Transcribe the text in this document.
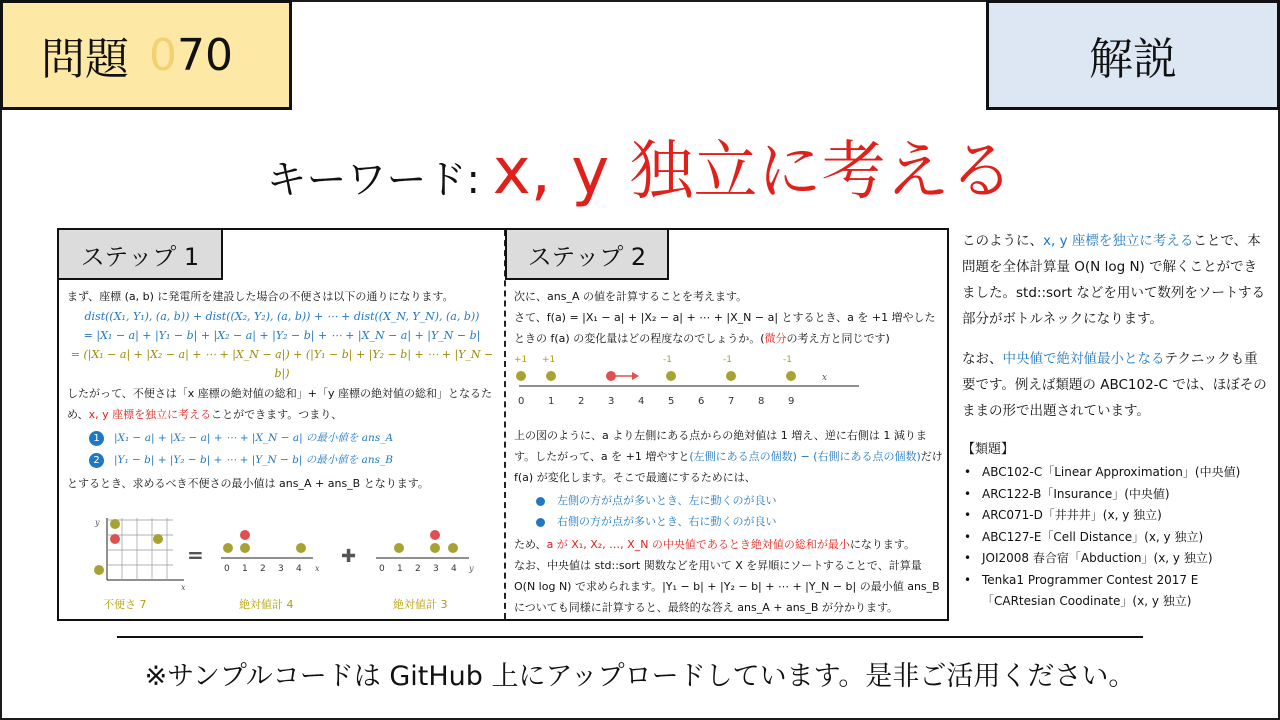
問題 0 70	解説
キーワード: x, y 独立に考える
ステップ 1	ステップ 2
まず、座標 (a, b) に発電所を建設した場合の不便さは以下の通りになります。
dist((X₁, Y₁), (a, b)) + dist((X₂, Y₂), (a, b)) + ⋯ + dist((X_N, Y_N), (a, b))
= |X₁ − a| + |Y₁ − b| + |X₂ − a| + |Y₂ − b| + ⋯ + |X_N − a| + |Y_N − b|
= (|X₁ − a| + |X₂ − a| + ⋯ + |X_N − a|) + (|Y₁ − b| + |Y₂ − b| + ⋯ + |Y_N − b|)
したがって、不便さは「x 座標の絶対値の総和」+「y 座標の絶対値の総和」となるため、x, y 座標を独立に考えることができます。つまり、
1 |X₁ − a| + |X₂ − a| + ⋯ + |X_N − a| の最小値を ans_A
2 |Y₁ − b| + |Y₂ − b| + ⋯ + |Y_N − b| の最小値を ans_B
とするとき、求めるべき不便さの最小値は ans_A + ans_B となります。
y
x
不便さ 7
=
0 1 2 3 4 x
絶対値計 4
✚
0 1 2 3 4 y
絶対値計 3
次に、ans_A の値を計算することを考えます。
さて、f(a) = |X₁ − a| + |X₂ − a| + ⋯ + |X_N − a| とするとき、a を +1 増やしたときの f(a) の変化量はどの程度なのでしょうか。(微分の考え方と同じです)
上の図のように、a より左側にある点からの絶対値は 1 増え、逆に右側は 1 減ります。したがって、a を +1 増やすと(左側にある点の個数) − (右側にある点の個数)だけ f(a) が変化します。そこで最適にするためには、
左側の方が点が多いとき、左に動くのが良い
右側の方が点が多いとき、右に動くのが良い
ため、a が X₁, X₂, …, X_N の中央値であるとき絶対値の総和が最小になります。
なお、中央値は std::sort 関数などを用いて X を昇順にソートすることで、計算量 O(N log N) で求められます。|Y₁ − b| + |Y₂ − b| + ⋯ + |Y_N − b| の最小値 ans_B についても同様に計算すると、最終的な答え ans_A + ans_B が分かります。
+1 +1	-1	-1	-1
0 1 2 3 4 5 6 7 8 9
x

このように、x, y 座標を独立に考えることで、本問題を全体計算量 O(N log N) で解くことができました。std::sort などを用いて数列をソートする部分がボトルネックになります。

なお、中央値で絶対値最小となるテクニックも重要です。例えば類題の ABC102-C では、ほぼそのままの形で出題されています。

【類題】
• ABC102-C「Linear Approximation」(中央値)
• ARC122-B「Insurance」(中央値)
• ARC071-D「井井井」(x, y 独立)
• ABC127-E「Cell Distance」(x, y 独立)
• JOI2008 春合宿「Abduction」(x, y 独立)
• Tenka1 Programmer Contest 2017 E「CARtesian Coodinate」(x, y 独立)
※サンプルコードは GitHub 上にアップロードしています。是非ご活用ください。
